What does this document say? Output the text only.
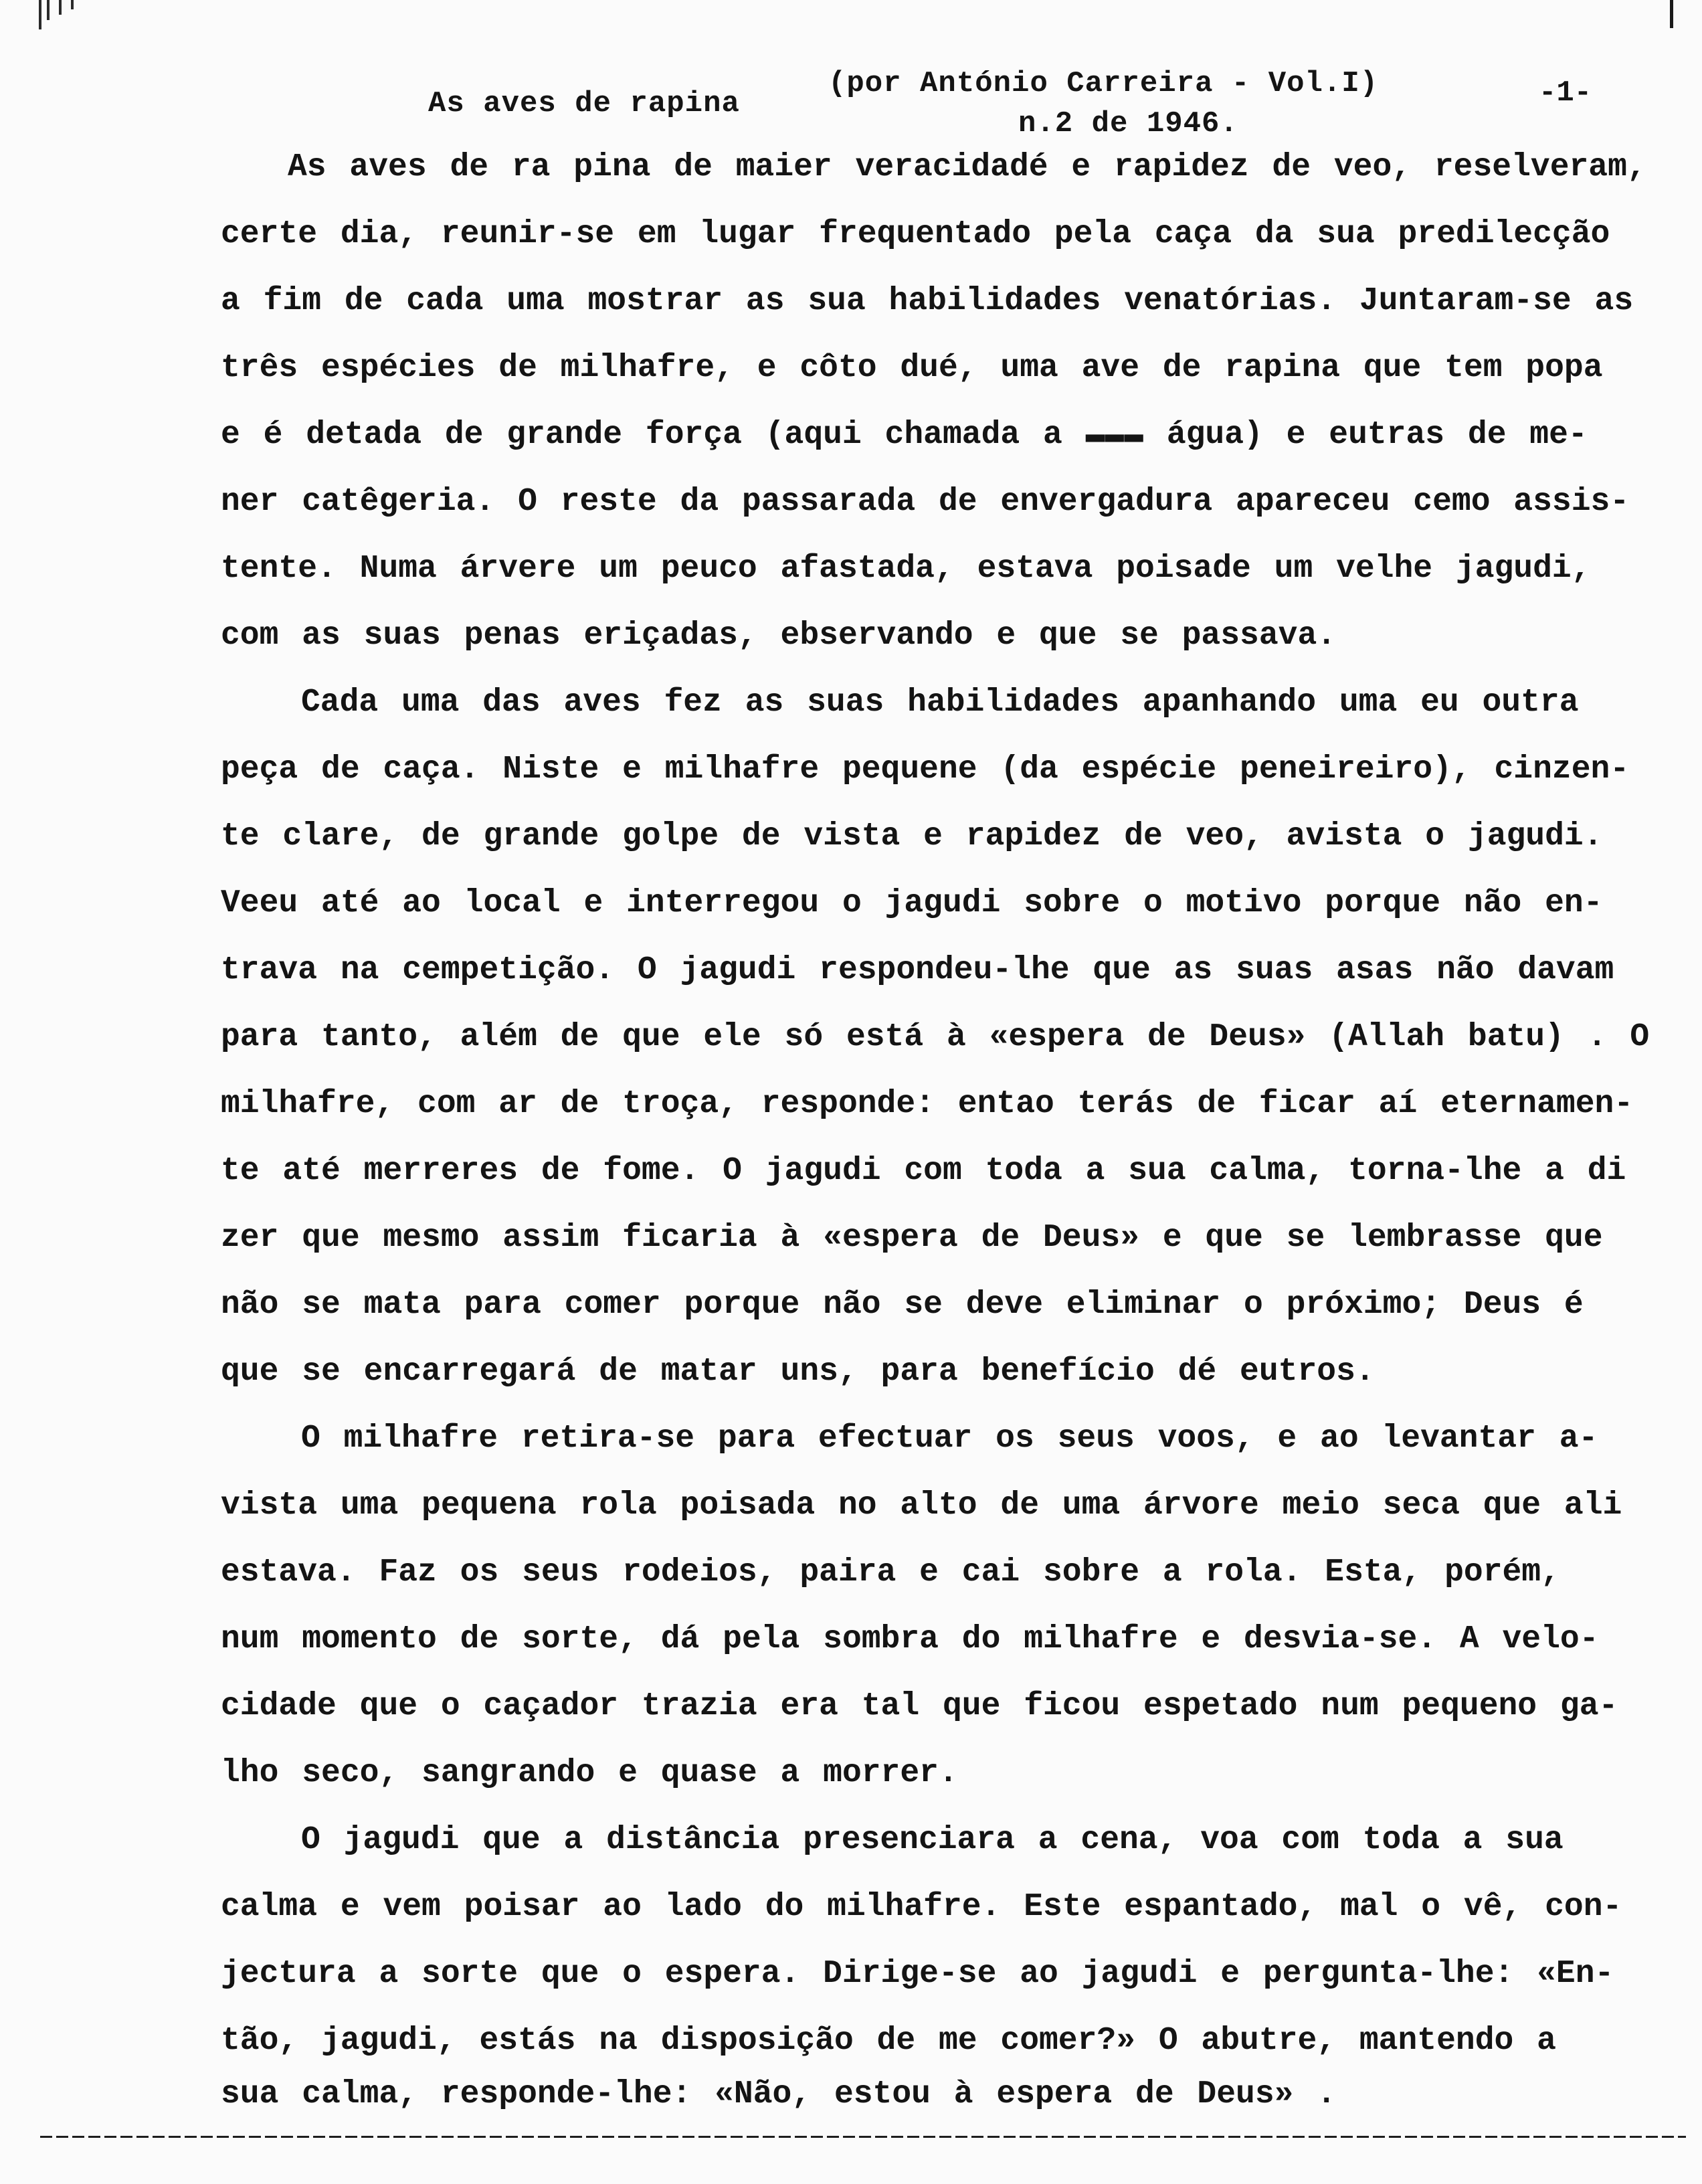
As aves de rapina
(por António Carreira - Vol.I)
n.2 de 1946.
-1-
As aves de ra pina de maier veracidadé e rapidez de veo, reselveram,
certe dia, reunir-se em lugar frequentado pela caça da sua predilecção
a fim de cada uma mostrar as sua habilidades venatórias. Juntaram-se as
três espécies de milhafre, e côto dué, uma ave de rapina que tem popa
e é detada de grande força (aqui chamada a ▬▬▬ água) e eutras de me-
ner catêgeria. O reste da passarada de envergadura apareceu cemo assis-
tente. Numa árvere um peuco afastada, estava poisade um velhe jagudi,
com as suas penas eriçadas, ebservando e que se passava.
Cada uma das aves fez as suas habilidades apanhando uma eu outra
peça de caça. Niste e milhafre pequene (da espécie peneireiro), cinzen-
te clare, de grande golpe de vista e rapidez de veo, avista o jagudi.
Veeu até ao local e interregou o jagudi sobre o motivo porque não en-
trava na cempetição. O jagudi respondeu-lhe que as suas asas não davam
para tanto, além de que ele só está à «espera de Deus» (Allah batu) . O
milhafre, com ar de troça, responde: entao terás de ficar aí eternamen-
te até merreres de fome. O jagudi com toda a sua calma, torna-lhe a di
zer que mesmo assim ficaria à «espera de Deus» e que se lembrasse que
não se mata para comer porque não se deve eliminar o próximo; Deus é
que se encarregará de matar uns, para benefício dé eutros.
O milhafre retira-se para efectuar os seus voos, e ao levantar a-
vista uma pequena rola poisada no alto de uma árvore meio seca que ali
estava. Faz os seus rodeios, paira e cai sobre a rola. Esta, porém,
num momento de sorte, dá pela sombra do milhafre e desvia-se. A velo-
cidade que o caçador trazia era tal que ficou espetado num pequeno ga-
lho seco, sangrando e quase a morrer.
O jagudi que a distância presenciara a cena, voa com toda a sua
calma e vem poisar ao lado do milhafre. Este espantado, mal o vê, con-
jectura a sorte que o espera. Dirige-se ao jagudi e pergunta-lhe: «En-
tão, jagudi, estás na disposição de me comer?» O abutre, mantendo a
sua calma, responde-lhe: «Não, estou à espera de Deus» .
